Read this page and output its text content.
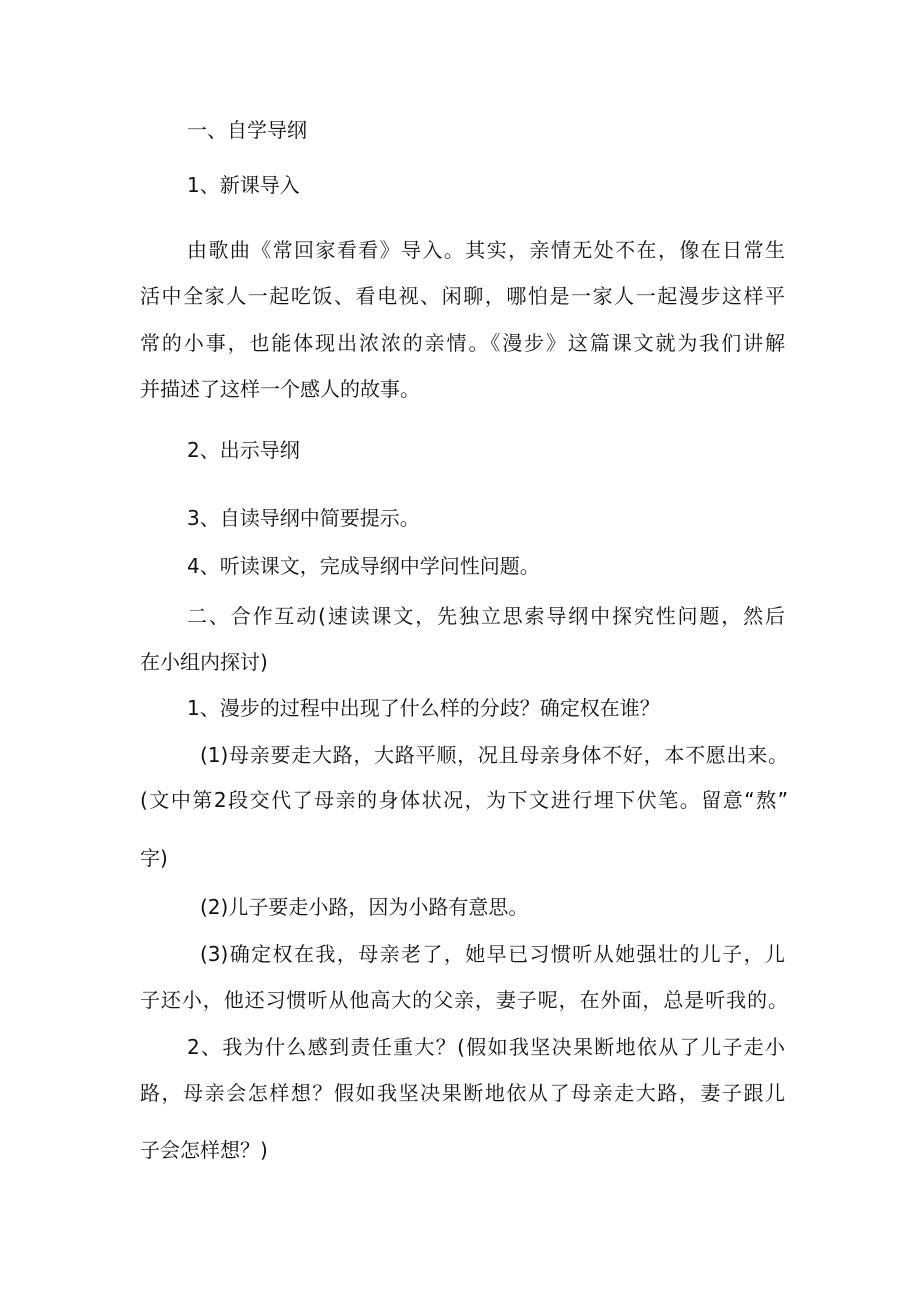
一、自学导纲
1、新课导入
由歌曲《常回家看看》导入。其实，亲情无处不在，像在日常生
活中全家人一起吃饭、看电视、闲聊，哪怕是一家人一起漫步这样平
常的小事，也能体现出浓浓的亲情。《漫步》这篇课文就为我们讲解
并描述了这样一个感人的故事。
2、出示导纲
3、自读导纲中简要提示。
4、听读课文，完成导纲中学问性问题。
二、合作互动(速读课文，先独立思索导纲中探究性问题，然后
在小组内探讨)
1、漫步的过程中出现了什么样的分歧？确定权在谁？
(1)母亲要走大路，大路平顺，况且母亲身体不好，本不愿出来。
(文中第2段交代了母亲的身体状况，为下文进行埋下伏笔。留意“熬”
字)
(2)儿子要走小路，因为小路有意思。
(3)确定权在我，母亲老了，她早已习惯听从她强壮的儿子，儿
子还小，他还习惯听从他高大的父亲，妻子呢，在外面，总是听我的。
2、我为什么感到责任重大？(假如我坚决果断地依从了儿子走小
路，母亲会怎样想？假如我坚决果断地依从了母亲走大路，妻子跟儿
子会怎样想？)
